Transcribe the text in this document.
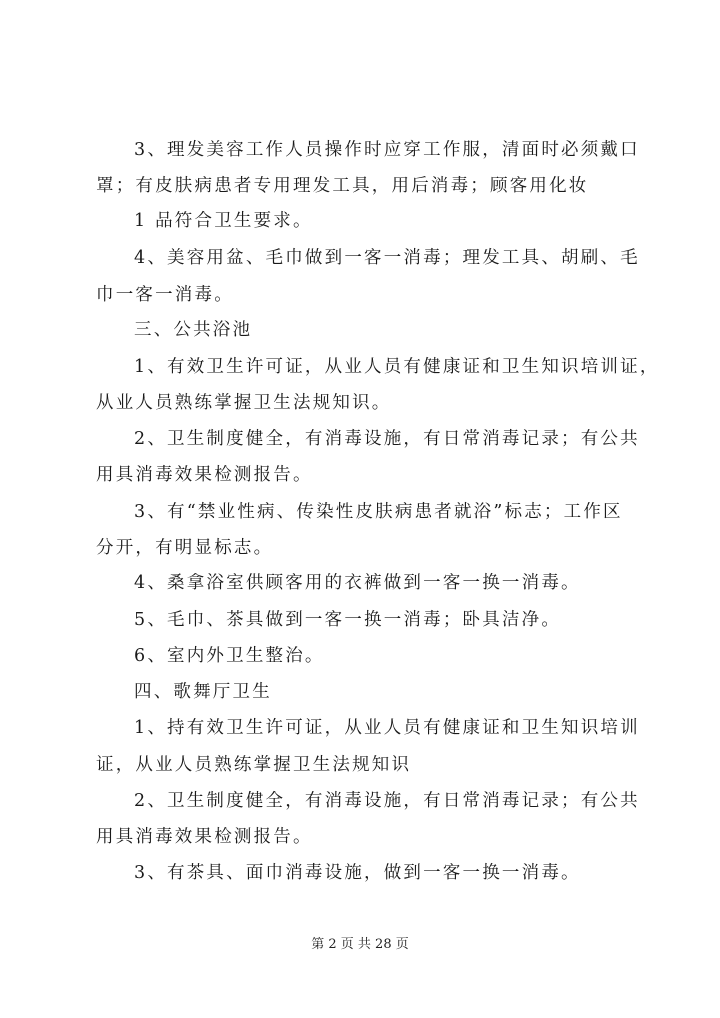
3、理发美容工作人员操作时应穿工作服，清面时必须戴口
罩；有皮肤病患者专用理发工具，用后消毒；顾客用化妆
1 品符合卫生要求。
4、美容用盆、毛巾做到一客一消毒；理发工具、胡刷、毛
巾一客一消毒。
三、公共浴池
1、有效卫生许可证，从业人员有健康证和卫生知识培训证，
从业人员熟练掌握卫生法规知识。
2、卫生制度健全，有消毒设施，有日常消毒记录；有公共
用具消毒效果检测报告。
3、有“禁业性病、传染性皮肤病患者就浴”标志；工作区
分开，有明显标志。
4、桑拿浴室供顾客用的衣裤做到一客一换一消毒。
5、毛巾、茶具做到一客一换一消毒；卧具洁净。
6、室内外卫生整治。
四、歌舞厅卫生
1、持有效卫生许可证，从业人员有健康证和卫生知识培训
证，从业人员熟练掌握卫生法规知识
2、卫生制度健全，有消毒设施，有日常消毒记录；有公共
用具消毒效果检测报告。
3、有茶具、面巾消毒设施，做到一客一换一消毒。
第 2 页 共 28 页
